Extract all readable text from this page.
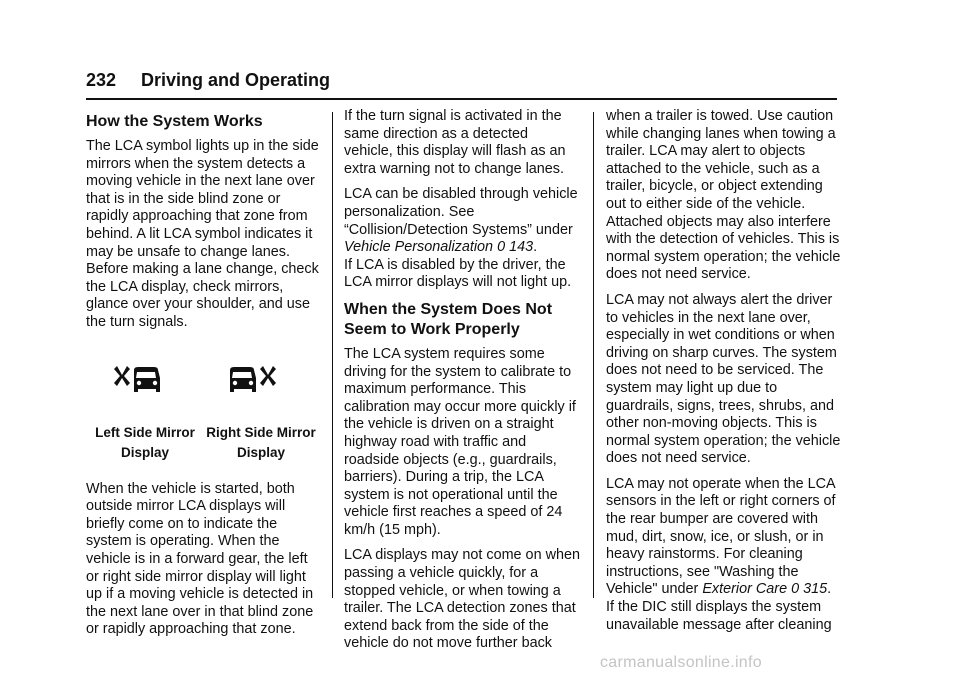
232 Driving and Operating
How the System Works

The LCA symbol lights up in the side mirrors when the system detects a moving vehicle in the next lane over that is in the side blind zone or rapidly approaching that zone from behind. A lit LCA symbol indicates it may be unsafe to change lanes. Before making a lane change, check the LCA display, check mirrors, glance over your shoulder, and use the turn signals.

Left Side Mirror
Display
Right Side Mirror
Display

When the vehicle is started, both outside mirror LCA displays will briefly come on to indicate the system is operating. When the vehicle is in a forward gear, the left or right side mirror display will light up if a moving vehicle is detected in the next lane over in that blind zone or rapidly approaching that zone.

If the turn signal is activated in the same direction as a detected vehicle, this display will flash as an extra warning not to change lanes.

LCA can be disabled through vehicle personalization. See “Collision/Detection Systems” under Vehicle Personalization 0 143.

If LCA is disabled by the driver, the LCA mirror displays will not light up.

When the System Does Not Seem to Work Properly

The LCA system requires some driving for the system to calibrate to maximum performance. This calibration may occur more quickly if the vehicle is driven on a straight highway road with traffic and roadside objects (e.g., guardrails, barriers). During a trip, the LCA system is not operational until the vehicle first reaches a speed of 24 km/h (15 mph).

LCA displays may not come on when passing a vehicle quickly, for a stopped vehicle, or when towing a trailer. The LCA detection zones that extend back from the side of the vehicle do not move further back

when a trailer is towed. Use caution while changing lanes when towing a trailer. LCA may alert to objects attached to the vehicle, such as a trailer, bicycle, or object extending out to either side of the vehicle. Attached objects may also interfere with the detection of vehicles. This is normal system operation; the vehicle does not need service.

LCA may not always alert the driver to vehicles in the next lane over, especially in wet conditions or when driving on sharp curves. The system does not need to be serviced. The system may light up due to guardrails, signs, trees, shrubs, and other non-moving objects. This is normal system operation; the vehicle does not need service.

LCA may not operate when the LCA sensors in the left or right corners of the rear bumper are covered with mud, dirt, snow, ice, or slush, or in heavy rainstorms. For cleaning instructions, see "Washing the Vehicle" under Exterior Care 0 315.

If the DIC still displays the system unavailable message after cleaning

carmanualsonline.info
